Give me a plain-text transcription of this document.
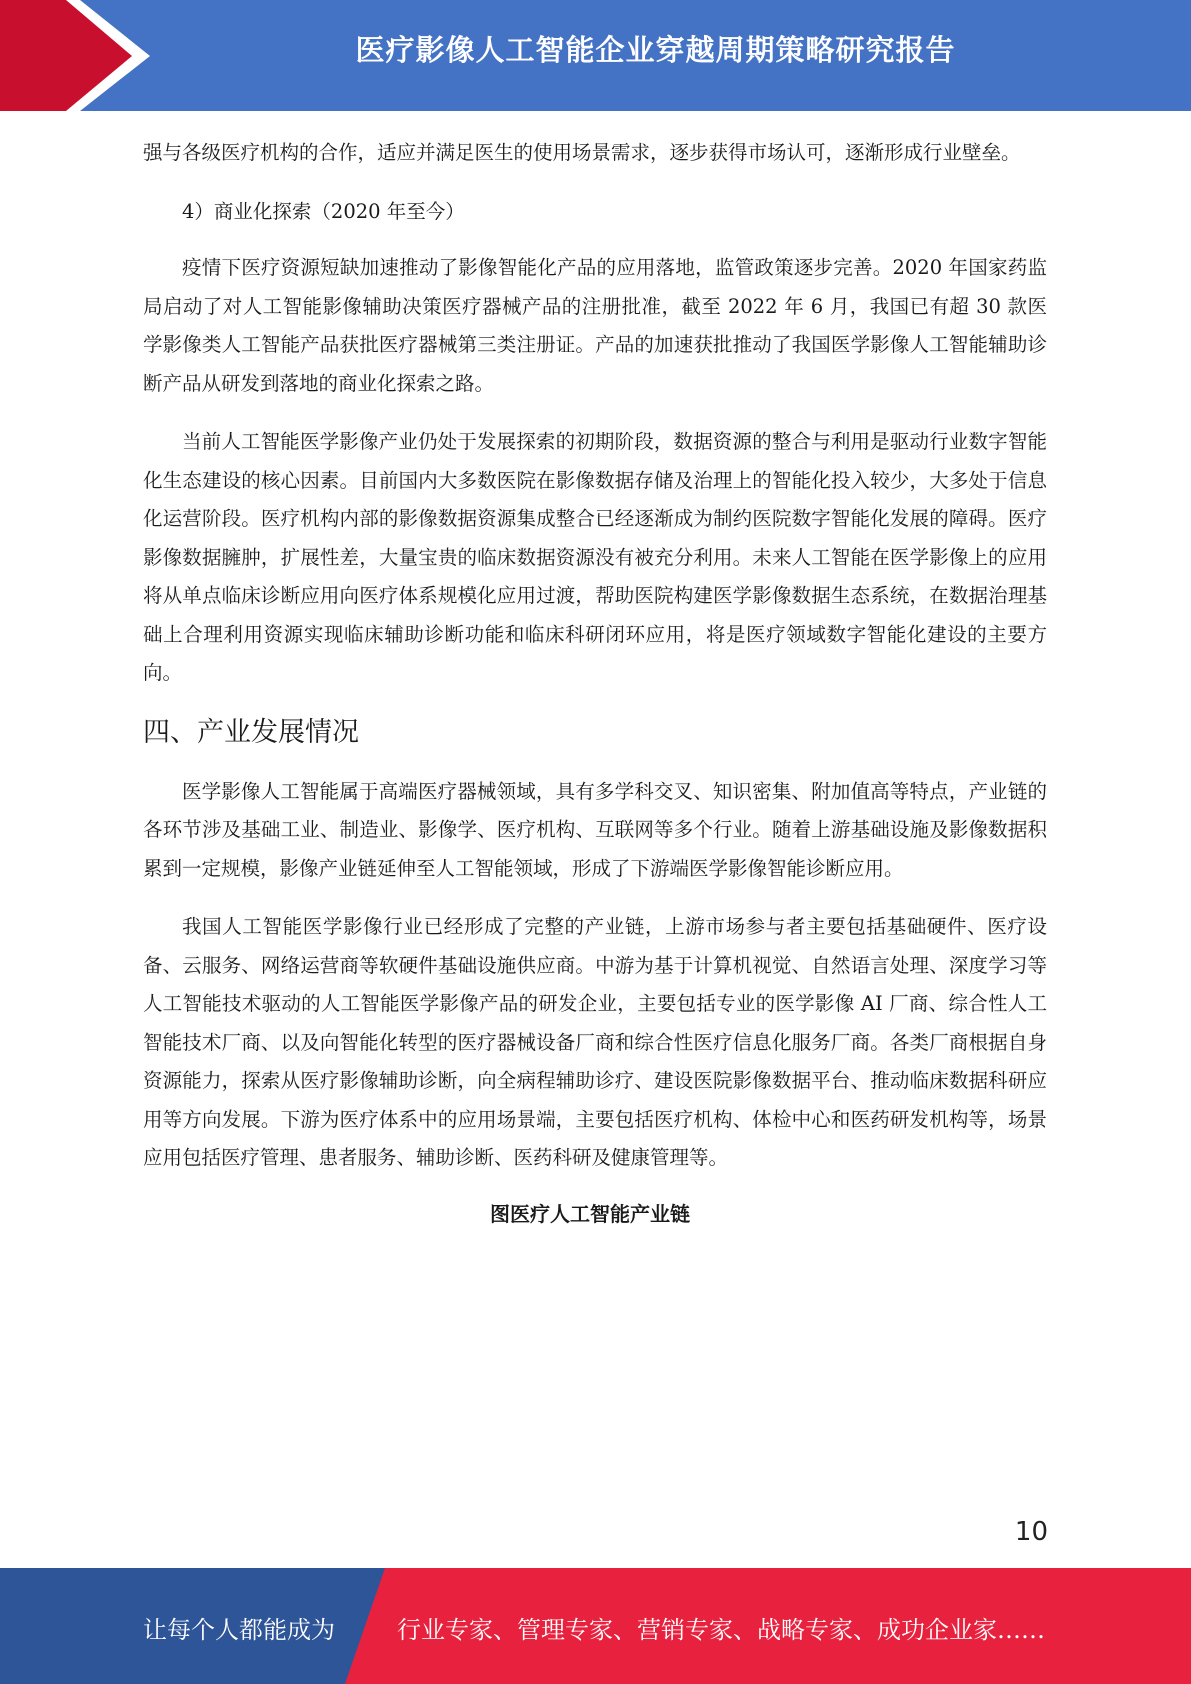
医疗影像人工智能企业穿越周期策略研究报告

强与各级医疗机构的合作，适应并满足医生的使用场景需求，逐步获得市场认可，逐渐形成行业壁垒。

4）商业化探索（2020 年至今）

疫情下医疗资源短缺加速推动了影像智能化产品的应用落地，监管政策逐步完善。2020 年国家药监局启动了对人工智能影像辅助决策医疗器械产品的注册批准，截至 2022 年 6 月，我国已有超 30 款医学影像类人工智能产品获批医疗器械第三类注册证。产品的加速获批推动了我国医学影像人工智能辅助诊断产品从研发到落地的商业化探索之路。

当前人工智能医学影像产业仍处于发展探索的初期阶段，数据资源的整合与利用是驱动行业数字智能化生态建设的核心因素。目前国内大多数医院在影像数据存储及治理上的智能化投入较少，大多处于信息化运营阶段。医疗机构内部的影像数据资源集成整合已经逐渐成为制约医院数字智能化发展的障碍。医疗影像数据臃肿，扩展性差，大量宝贵的临床数据资源没有被充分利用。未来人工智能在医学影像上的应用将从单点临床诊断应用向医疗体系规模化应用过渡，帮助医院构建医学影像数据生态系统，在数据治理基础上合理利用资源实现临床辅助诊断功能和临床科研闭环应用，将是医疗领域数字智能化建设的主要方向。

四、产业发展情况

医学影像人工智能属于高端医疗器械领域，具有多学科交叉、知识密集、附加值高等特点，产业链的各环节涉及基础工业、制造业、影像学、医疗机构、互联网等多个行业。随着上游基础设施及影像数据积累到一定规模，影像产业链延伸至人工智能领域，形成了下游端医学影像智能诊断应用。

我国人工智能医学影像行业已经形成了完整的产业链，上游市场参与者主要包括基础硬件、医疗设备、云服务、网络运营商等软硬件基础设施供应商。中游为基于计算机视觉、自然语言处理、深度学习等人工智能技术驱动的人工智能医学影像产品的研发企业，主要包括专业的医学影像 AI 厂商、综合性人工智能技术厂商、以及向智能化转型的医疗器械设备厂商和综合性医疗信息化服务厂商。各类厂商根据自身资源能力，探索从医疗影像辅助诊断，向全病程辅助诊疗、建设医院影像数据平台、推动临床数据科研应用等方向发展。下游为医疗体系中的应用场景端，主要包括医疗机构、体检中心和医药研发机构等，场景应用包括医疗管理、患者服务、辅助诊断、医药科研及健康管理等。

图医疗人工智能产业链
10
让每个人都能成为	行业专家、管理专家、营销专家、战略专家、成功企业家……
